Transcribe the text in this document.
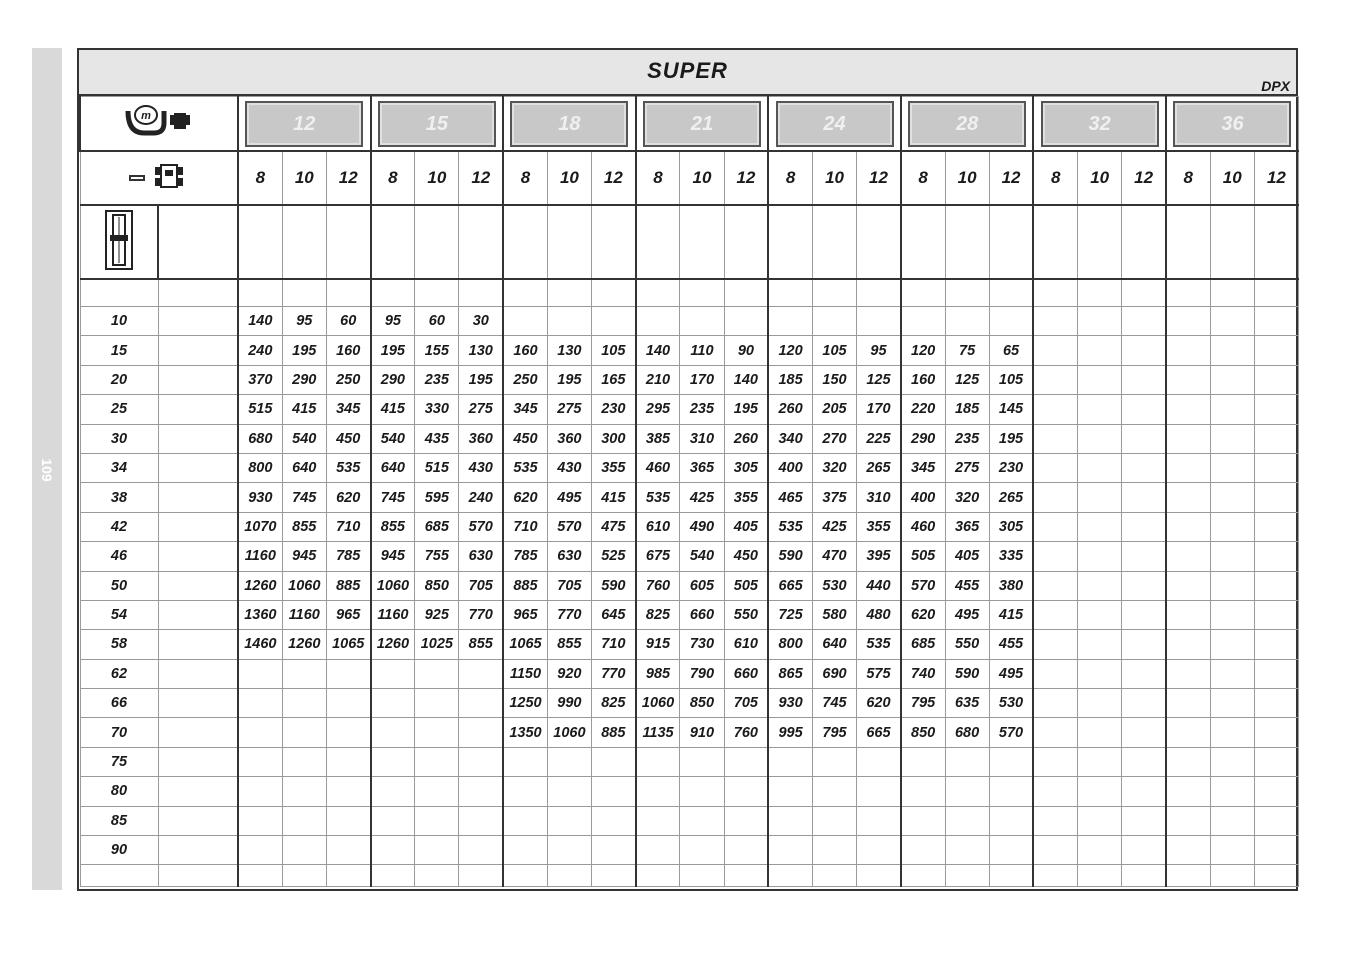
109
SUPER
DPX
m		12			15			18			21			24			28			32			36		

	8	10	12	8	10	12	8	10	12	8	10	12	8	10	12	8	10	12	8	10	12	8	10	12

10		140	95	60	95	60	30																		
15		240	195	160	195	155	130	160	130	105	140	110	90	120	105	95	120	75	65						
20		370	290	250	290	235	195	250	195	165	210	170	140	185	150	125	160	125	105						
25		515	415	345	415	330	275	345	275	230	295	235	195	260	205	170	220	185	145						
30		680	540	450	540	435	360	450	360	300	385	310	260	340	270	225	290	235	195						
34		800	640	535	640	515	430	535	430	355	460	365	305	400	320	265	345	275	230						
38		930	745	620	745	595	240	620	495	415	535	425	355	465	375	310	400	320	265						
42		1070	855	710	855	685	570	710	570	475	610	490	405	535	425	355	460	365	305						
46		1160	945	785	945	755	630	785	630	525	675	540	450	590	470	395	505	405	335						
50		1260	1060	885	1060	850	705	885	705	590	760	605	505	665	530	440	570	455	380						
54		1360	1160	965	1160	925	770	965	770	645	825	660	550	725	580	480	620	495	415						
58		1460	1260	1065	1260	1025	855	1065	855	710	915	730	610	800	640	535	685	550	455						
62								1150	920	770	985	790	660	865	690	575	740	590	495						
66								1250	990	825	1060	850	705	930	745	620	795	635	530						
70								1350	1060	885	1135	910	760	995	795	665	850	680	570						
75																									
80																									
85																									
90																									
